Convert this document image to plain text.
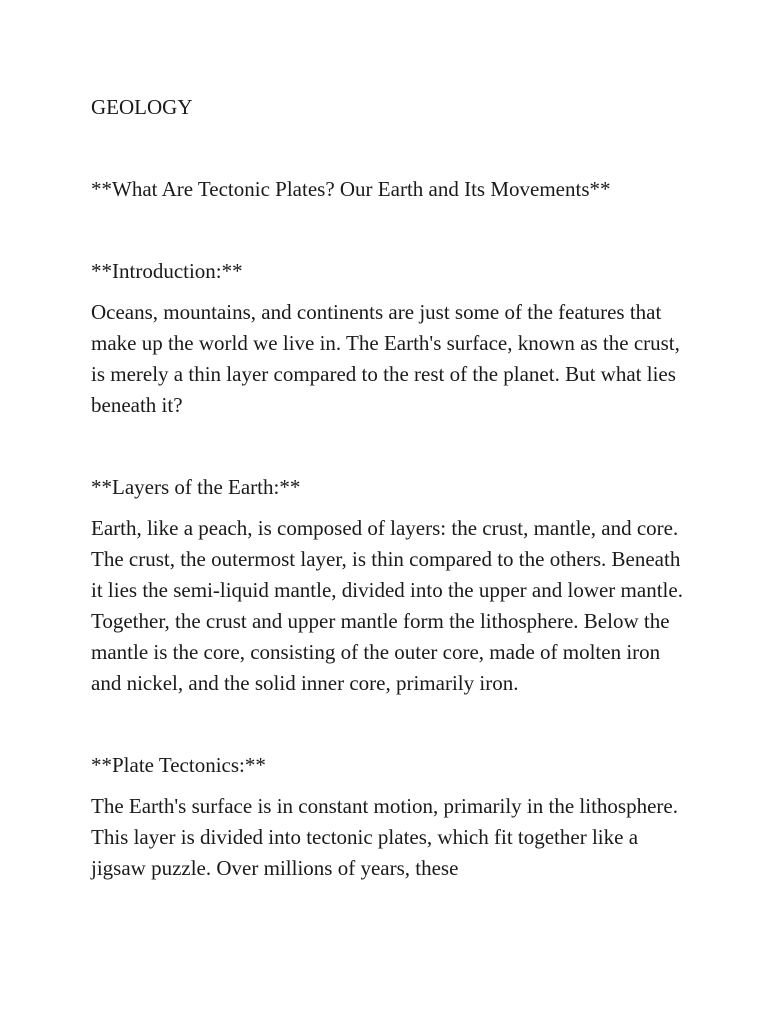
GEOLOGY
**What Are Tectonic Plates? Our Earth and Its Movements**

**Introduction:**

Oceans, mountains, and continents are just some of the features that make up the world we live in. The Earth's surface, known as the crust, is merely a thin layer compared to the rest of the planet. But what lies beneath it?

**Layers of the Earth:**

Earth, like a peach, is composed of layers: the crust, mantle, and core. The crust, the outermost layer, is thin compared to the others. Beneath it lies the semi-liquid mantle, divided into the upper and lower mantle. Together, the crust and upper mantle form the lithosphere. Below the mantle is the core, consisting of the outer core, made of molten iron and nickel, and the solid inner core, primarily iron.

**Plate Tectonics:**

The Earth's surface is in constant motion, primarily in the lithosphere. This layer is divided into tectonic plates, which fit together like a jigsaw puzzle. Over millions of years, these
